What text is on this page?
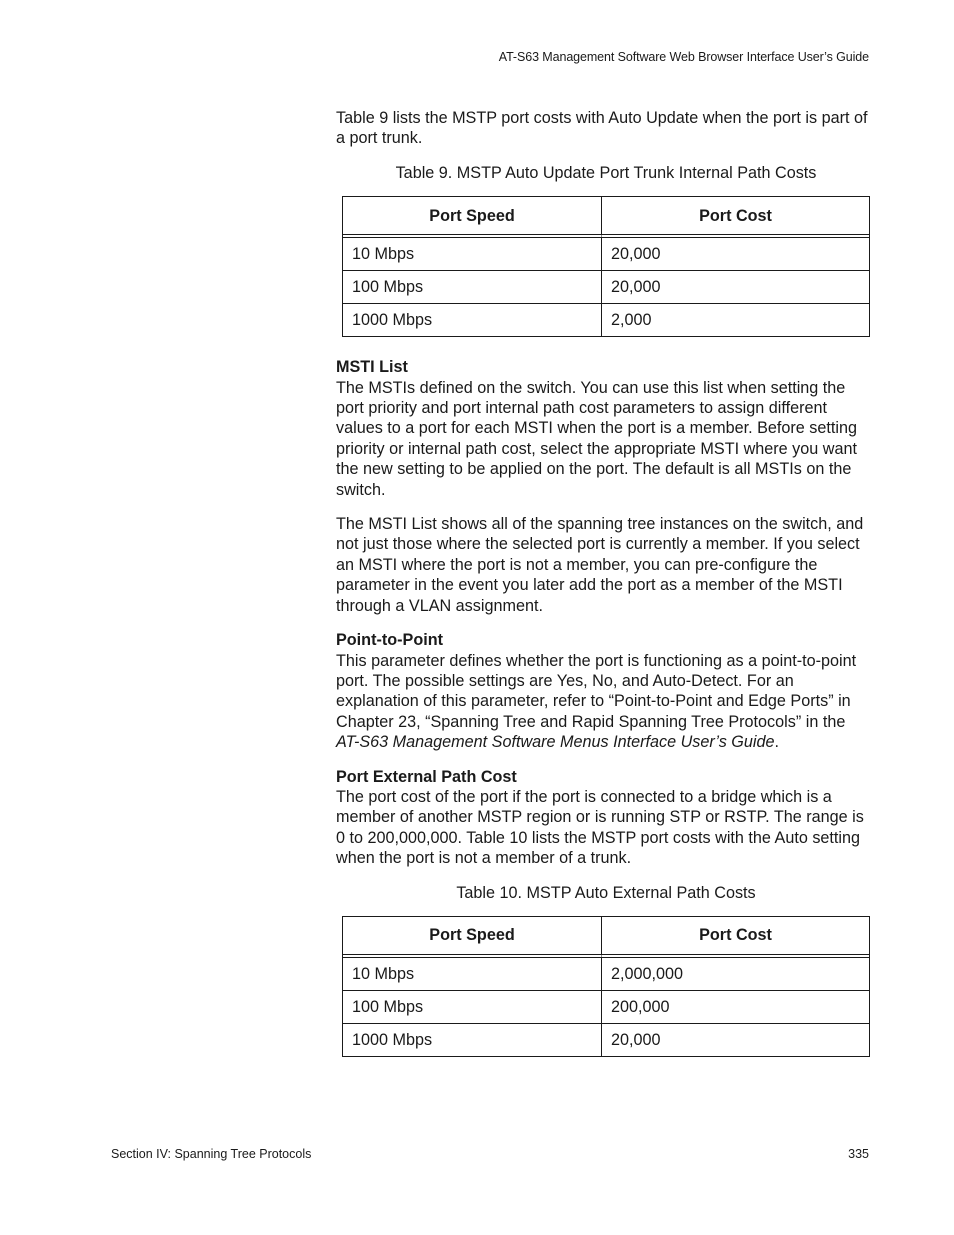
AT-S63 Management Software Web Browser Interface User’s Guide

Table 9 lists the MSTP port costs with Auto Update when the port is part of a port trunk.

Table 9. MSTP Auto Update Port Trunk Internal Path Costs

Port Speed	Port Cost
10 Mbps	20,000
100 Mbps	20,000
1000 Mbps	2,000

MSTI List

The MSTIs defined on the switch. You can use this list when setting the port priority and port internal path cost parameters to assign different values to a port for each MSTI when the port is a member. Before setting priority or internal path cost, select the appropriate MSTI where you want the new setting to be applied on the port. The default is all MSTIs on the switch.

The MSTI List shows all of the spanning tree instances on the switch, and not just those where the selected port is currently a member. If you select an MSTI where the port is not a member, you can pre-configure the parameter in the event you later add the port as a member of the MSTI through a VLAN assignment.

Point-to-Point

This parameter defines whether the port is functioning as a point-to-point port. The possible settings are Yes, No, and Auto-Detect. For an explanation of this parameter, refer to “Point-to-Point and Edge Ports” in Chapter 23, “Spanning Tree and Rapid Spanning Tree Protocols” in the AT-S63 Management Software Menus Interface User’s Guide.

Port External Path Cost

The port cost of the port if the port is connected to a bridge which is a member of another MSTP region or is running STP or RSTP. The range is 0 to 200,000,000. Table 10 lists the MSTP port costs with the Auto setting when the port is not a member of a trunk.

Table 10. MSTP Auto External Path Costs

Port Speed	Port Cost
10 Mbps	2,000,000
100 Mbps	200,000
1000 Mbps	20,000
Section IV: Spanning Tree Protocols	335
